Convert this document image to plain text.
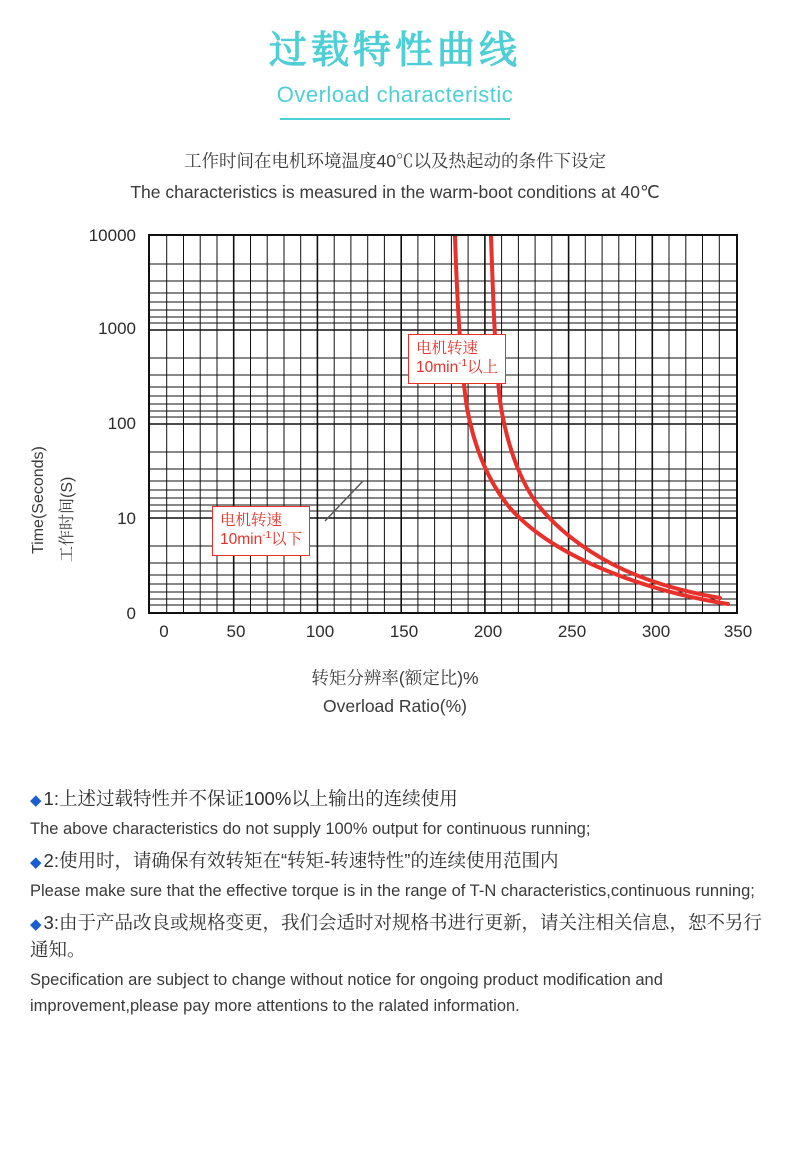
过载特性曲线
Overload characteristic
工作时间在电机环境温度40℃以及热起动的条件下设定
The characteristics is measured in the warm-boot conditions at 40℃
Time(Seconds) 工作时间(S)
10000
1000
100
10
0
电机转速
$10\min^{-1}$以上
电机转速
$10\min^{-1}$以下
0	50	100	150	200	250	300	350
转矩分辨率(额定比)%
Overload Ratio(%)
◆ 1:上述过载特性并不保证100%以上输出的连续使用
The above characteristics do not supply 100% output for continuous running;
◆ 2:使用时，请确保有效转矩在“转矩-转速特性”的连续使用范围内
Please make sure that the effective torque is in the range of T-N characteristics,continuous running;
◆ 3:由于产品改良或规格变更，我们会适时对规格书进行更新，请关注相关信息，恕不另行通知。
Specification are subject to change without notice for ongoing product modification and improvement,please pay more attentions to the ralated information.
